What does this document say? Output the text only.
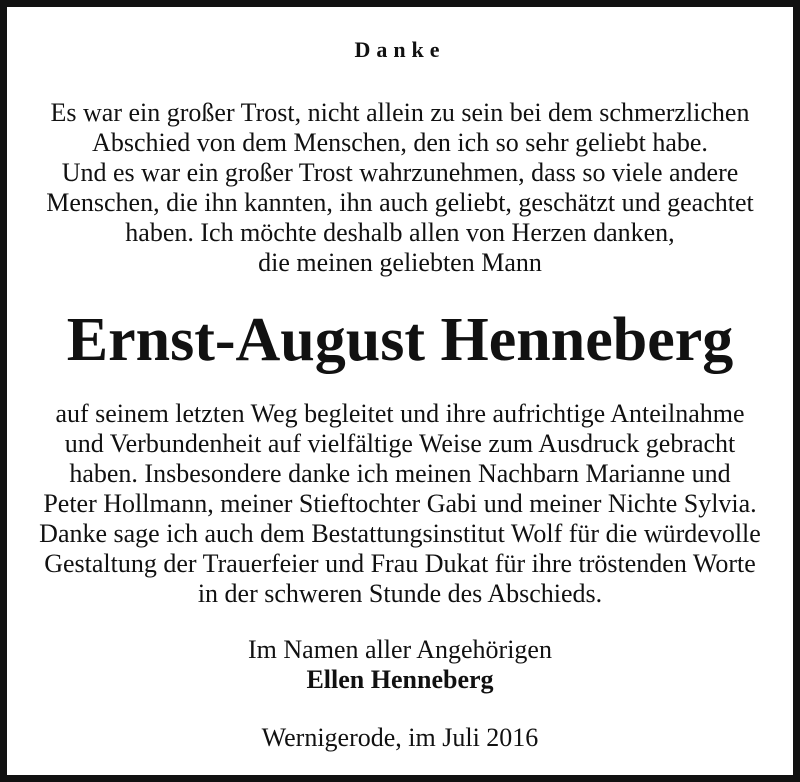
Danke
Es war ein großer Trost, nicht allein zu sein bei dem schmerzlichen
Abschied von dem Menschen, den ich so sehr geliebt habe.
Und es war ein großer Trost wahrzunehmen, dass so viele andere
Menschen, die ihn kannten, ihn auch geliebt, geschätzt und geachtet
haben. Ich möchte deshalb allen von Herzen danken,
die meinen geliebten Mann
Ernst-August Henneberg
auf seinem letzten Weg begleitet und ihre aufrichtige Anteilnahme
und Verbundenheit auf vielfältige Weise zum Ausdruck gebracht
haben. Insbesondere danke ich meinen Nachbarn Marianne und
Peter Hollmann, meiner Stieftochter Gabi und meiner Nichte Sylvia.
Danke sage ich auch dem Bestattungsinstitut Wolf für die würdevolle
Gestaltung der Trauerfeier und Frau Dukat für ihre tröstenden Worte
in der schweren Stunde des Abschieds.
Im Namen aller Angehörigen
Ellen Henneberg
Wernigerode, im Juli 2016
